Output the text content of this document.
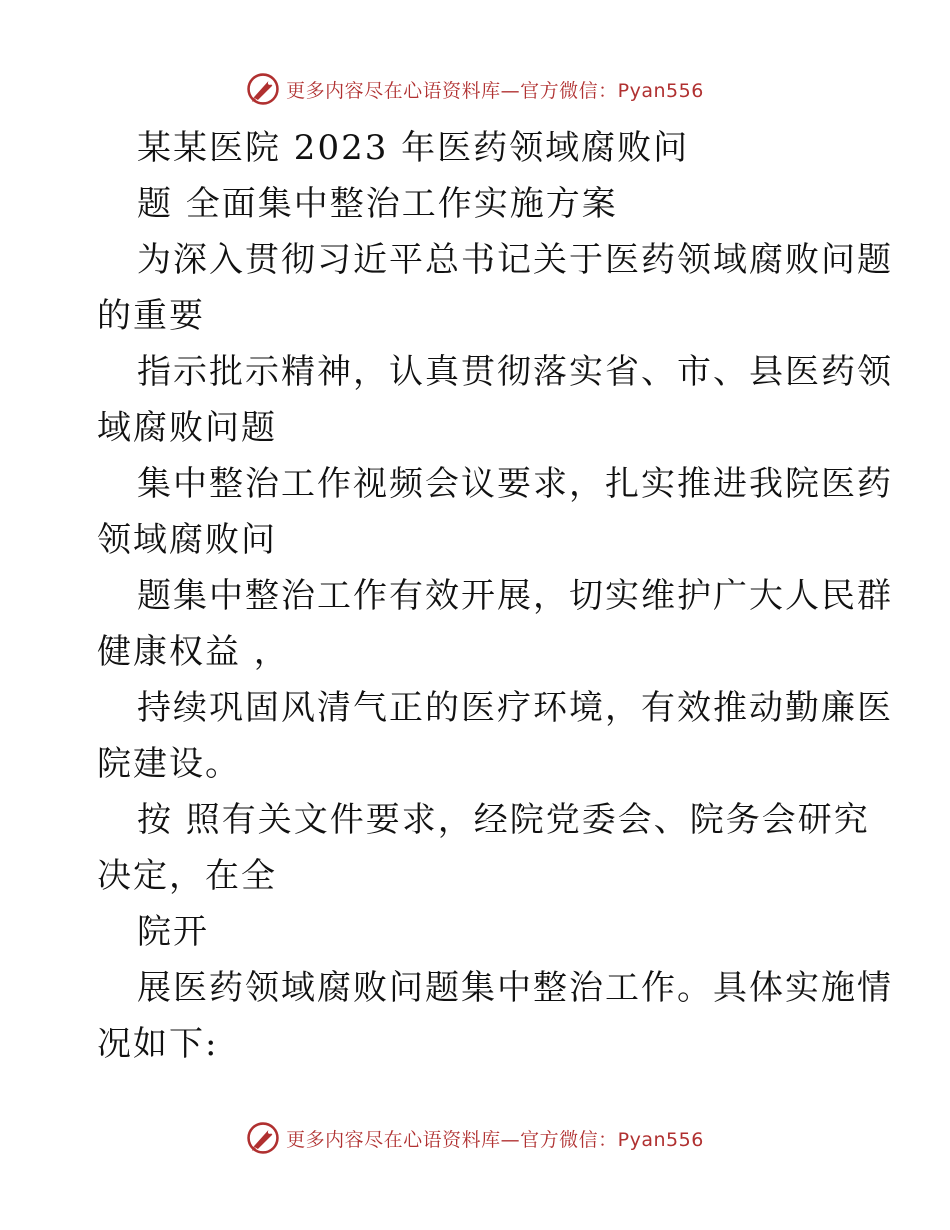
更多内容尽在心语资料库—官方微信：Pyan556
某某医院 2023 年医药领域腐败问
题 全面集中整治工作实施方案
为深入贯彻习近平总书记关于医药领域腐败问题
的重要
指示批示精神，认真贯彻落实省、市、县医药领
域腐败问题
集中整治工作视频会议要求，扎实推进我院医药
领域腐败问
题集中整治工作有效开展，切实维护广大人民群
健康权益 ，
持续巩固风清气正的医疗环境，有效推动勤廉医
院建设。
按 照有关文件要求，经院党委会、院务会研究
决定，在全
院开
展医药领域腐败问题集中整治工作。具体实施情
况如下:
更多内容尽在心语资料库—官方微信：Pyan556
